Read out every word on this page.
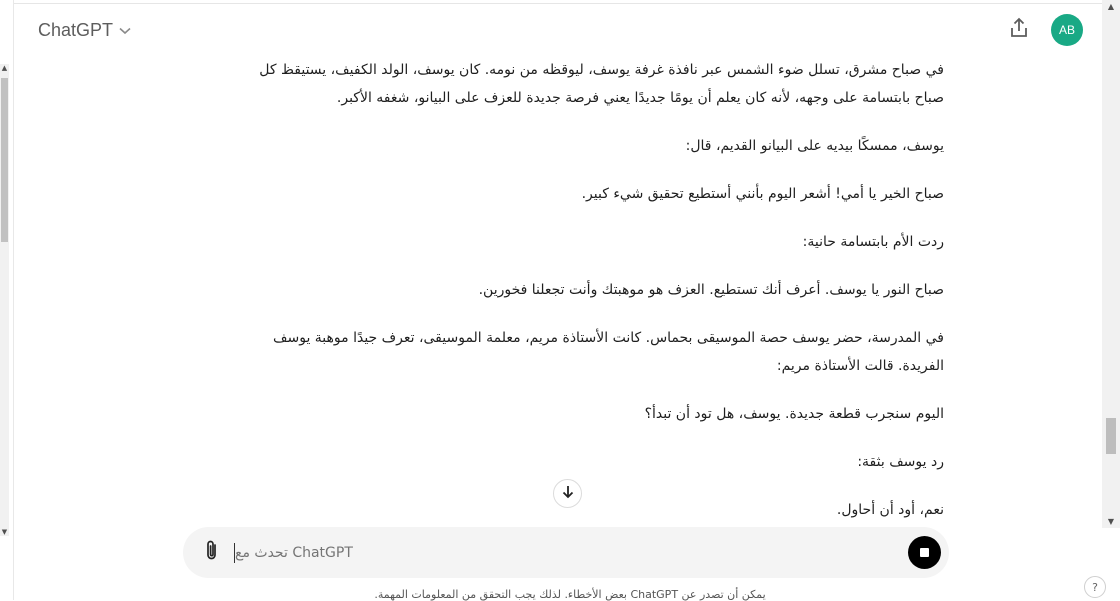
▲
▼
▲
▼
ChatGPT	AB

في صباح مشرق، تسلل ضوء الشمس عبر نافذة غرفة يوسف، ليوقظه من نومه. كان يوسف، الولد الكفيف، يستيقظ كل صباح بابتسامة على وجهه، لأنه كان يعلم أن يومًا جديدًا يعني فرصة جديدة للعزف على البيانو، شغفه الأكبر.

يوسف، ممسكًا بيديه على البيانو القديم، قال:

صباح الخير يا أمي! أشعر اليوم بأنني أستطيع تحقيق شيء كبير.

ردت الأم بابتسامة حانية:

صباح النور يا يوسف. أعرف أنك تستطيع. العزف هو موهبتك وأنت تجعلنا فخورين.

في المدرسة، حضر يوسف حصة الموسيقى بحماس. كانت الأستاذة مريم، معلمة الموسيقى، تعرف جيدًا موهبة يوسف الفريدة. قالت الأستاذة مريم:

اليوم سنجرب قطعة جديدة. يوسف، هل تود أن تبدأ؟

رد يوسف بثقة:

نعم، أود أن أحاول.

تحدث مع ChatGPT
يمكن أن تصدر عن ChatGPT بعض الأخطاء. لذلك يجب التحقق من المعلومات المهمة.
?
